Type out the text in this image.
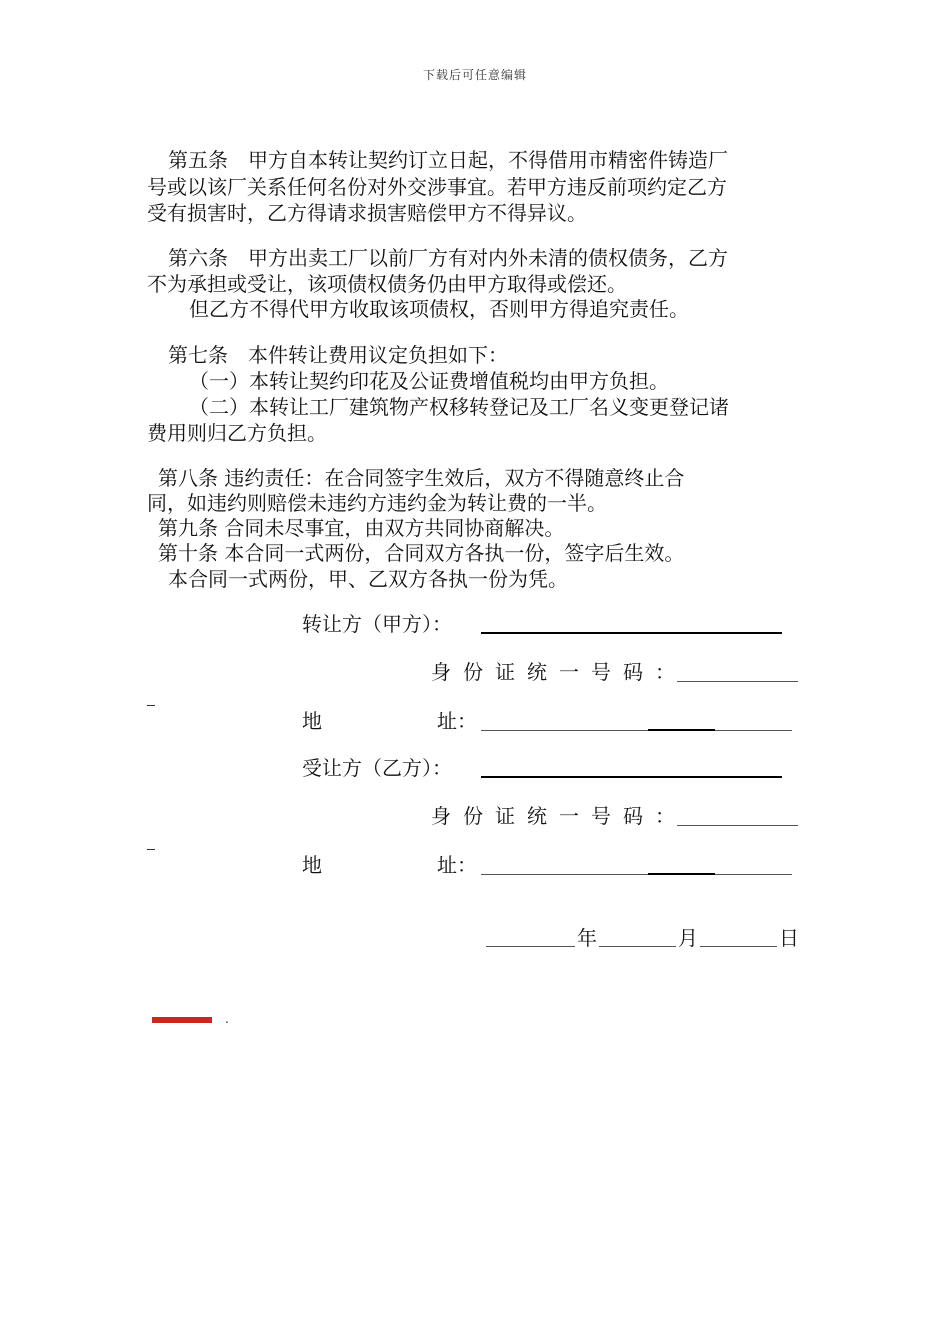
下载后可任意编辑
第五条　甲方自本转让契约订立日起，不得借用市精密件铸造厂
号或以该厂关系任何名份对外交涉事宜。若甲方违反前项约定乙方
受有损害时，乙方得请求损害赔偿甲方不得异议。
第六条　甲方出卖工厂以前厂方有对内外未清的债权债务，乙方
不为承担或受让，该项债权债务仍由甲方取得或偿还。
但乙方不得代甲方收取该项债权，否则甲方得追究责任。
第七条　本件转让费用议定负担如下：
（一）本转让契约印花及公证费增值税均由甲方负担。
（二）本转让工厂建筑物产权移转登记及工厂名义变更登记诸
费用则归乙方负担。
第八条 违约责任：在合同签字生效后，双方不得随意终止合
同，如违约则赔偿未违约方违约金为转让费的一半。
第九条 合同未尽事宜，由双方共同协商解决。
第十条 本合同一式两份，合同双方各执一份，签字后生效。
本合同一式两份，甲、乙双方各执一份为凭。
转让方（甲方）：
身份证统一号码：
地	址：
受让方（乙方）：
身份证统一号码：
地	址：
年	月	日
.
